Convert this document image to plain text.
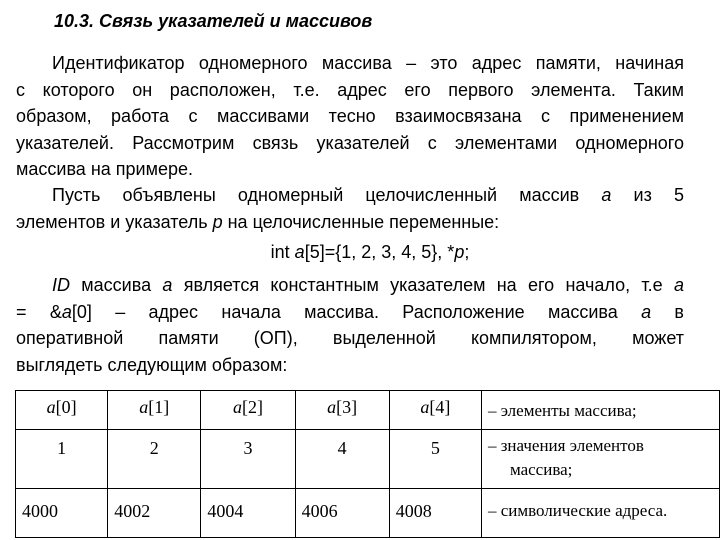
10.3. Связь указателей и массивов
Идентификатор одномерного массива – это адрес памяти, начиная
с которого он расположен, т.е. адрес его первого элемента. Таким
образом, работа с массивами тесно взаимосвязана с применением
указателей. Рассмотрим связь указателей с элементами одномерного
массива на примере.
Пусть объявлены одномерный целочисленный массив a из 5
элементов и указатель p на целочисленные переменные:
int a[5]={1, 2, 3, 4, 5}, *p;
ID массива a является константным указателем на его начало, т.е a
= &a[0] – адрес начала массива. Расположение массива a в
оперативной памяти (ОП), выделенной компилятором, может
выглядеть следующим образом:
a[0]	a[1]	a[2]	a[3]	a[4]	– элементы массива;
1	2	3	4	5	– значения элементов
массива;

4000	4002	4004	4006	4008	– символические адреса.
